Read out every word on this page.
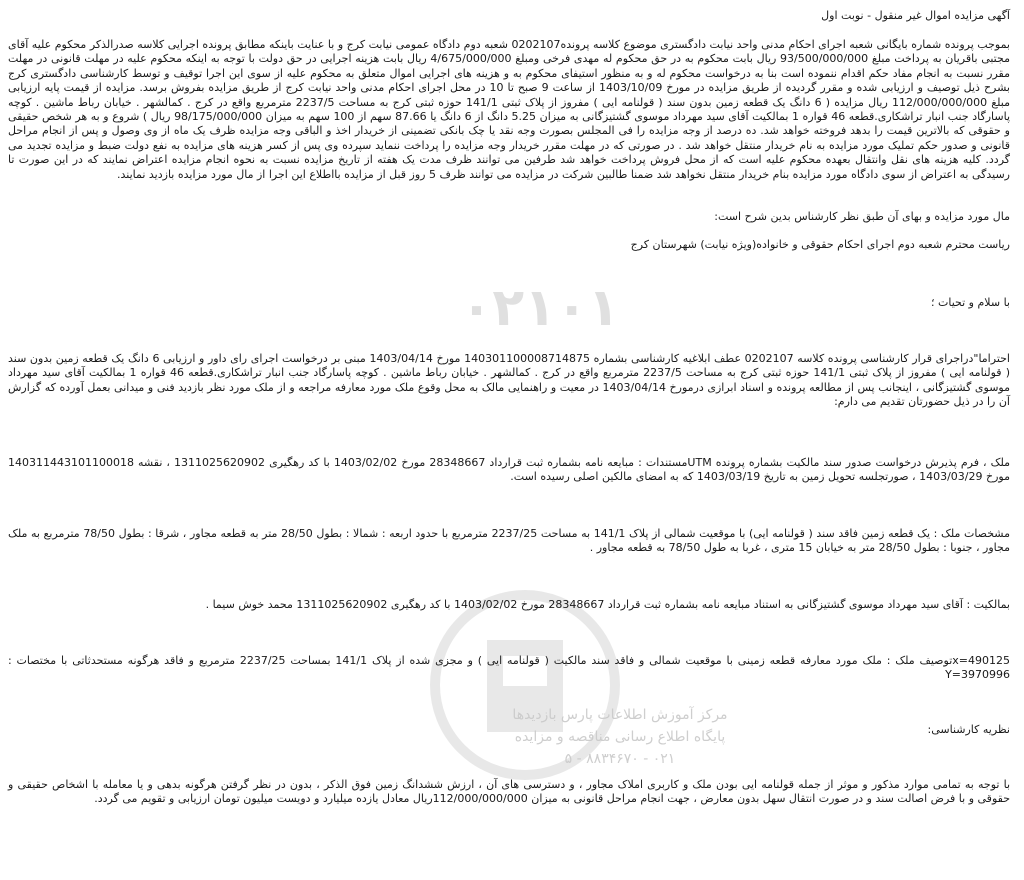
۰۲۱۰۱
مرکز آموزش اطلاعات پارس بازدیدها
پایگاه اطلاع رسانی مناقصه و مزایده
۰۲۱ - ۸۸۳۴۶۷۰ - ۵
آگهی مزایده اموال غیر منقول - نوبت اول
بموجب پرونده شماره بایگانی شعبه اجرای احکام مدنی واحد نیابت دادگستری موضوع کلاسه پرونده0202107 شعبه دوم دادگاه عمومی نیابت کرج و با عنایت باینکه مطابق پرونده اجرایی کلاسه صدرالذکر محکوم علیه آقای مجتبی باقریان به پرداخت مبلغ 93/500/000/000 ریال بابت محکوم به در حق محکوم له مهدی فرخی ومبلغ 4/675/000/000 ریال بابت هزینه اجرایی در حق دولت با توجه به اینکه محکوم علیه در مهلت قانونی در مهلت مقرر نسبت به انجام مفاد حکم اقدام ننموده است بنا به درخواست محکوم له و به منظور استیفای محکوم به و هزینه های اجرایی اموال متعلق به محکوم علیه از سوی این اجرا توقیف و توسط کارشناسی دادگستری کرج بشرح ذیل توصیف و ارزیابی شده و مقرر گردیده از طریق مزایده در مورخ 1403/10/09 از ساعت 9 صبح تا 10 در محل اجرای احکام مدنی واحد نیابت کرج از طریق مزایده بفروش برسد. مزایده از قیمت پایه ارزیابی مبلغ 112/000/000/000 ریال مزایده ( 6 دانگ یک قطعه زمین بدون سند ( قولنامه ایی ) مفروز از پلاک ثبتی 141/1 حوزه ثبتی کرج به مساحت 2237/5 مترمربع واقع در کرج . کمالشهر . خیابان رباط ماشین . کوچه پاسارگاد جنب انبار تراشکاری.قطعه 46 قواره 1 بمالکیت آقای سید مهرداد موسوی گشتیزگانی به میزان 5.25 دانگ از 6 دانگ یا 87.66 سهم از 100 سهم به میزان 98/175/000/000 ریال ) شروع و به هر شخص حقیقی و حقوقی که بالاترین قیمت را بدهد فروخته خواهد شد. ده درصد از وجه مزایده را فی المجلس بصورت وجه نقد یا چک بانکی تضمینی از خریدار اخذ و الباقی وجه مزایده ظرف یک ماه از وی وصول و پس از انجام مراحل قانونی و صدور حکم تملیک مورد مزایده به نام خریدار منتقل خواهد شد . در صورتی که در مهلت مقرر خریدار وجه مزایده را پرداخت ننماید سپرده وی پس از کسر هزینه های مزایده به نفع دولت ضبط و مزایده تجدید می گردد. کلیه هزینه های نقل وانتقال بعهده محکوم علیه است که از محل فروش پرداخت خواهد شد طرفین می توانند ظرف مدت یک هفته از تاریخ مزایده نسبت به نحوه انجام مزایده اعتراض نمایند که در این صورت تا رسیدگی به اعتراض از سوی دادگاه مورد مزایده بنام خریدار منتقل نخواهد شد ضمنا طالبین شرکت در مزایده می توانند ظرف 5 روز قبل از مزایده بااطلاع این اجرا از مال مورد مزایده بازدید نمایند.
مال مورد مزایده و بهای آن طبق نظر کارشناس بدین شرح است:
ریاست محترم شعبه دوم اجرای احکام حقوقی و خانواده(ویژه نیابت) شهرستان کرج
با سلام و تحیات ؛
احتراما"دراجرای قرار کارشناسی پرونده کلاسه 0202107 عطف ابلاغیه کارشناسی بشماره 140301100008714875 مورخ 1403/04/14 مبنی بر درخواست اجرای رای داور و ارزیابی 6 دانگ یک قطعه زمین بدون سند ( قولنامه ایی ) مفروز از پلاک ثبتی 141/1 حوزه ثبتی کرج به مساحت 2237/5 مترمربع واقع در کرج . کمالشهر . خیابان رباط ماشین . کوچه پاسارگاد جنب انبار تراشکاری.قطعه 46 قواره 1 بمالکیت آقای سید مهرداد موسوی گشتیزگانی ، اینجانب پس از مطالعه پرونده و اسناد ابرازی درمورخ 1403/04/14 در معیت و راهنمایی مالک به محل وقوع ملک مورد معارفه مراجعه و از ملک مورد نظر بازدید فنی و میدانی بعمل آورده که گزارش آن را در ذیل حضورتان تقدیم می دارم:
ملک ، فرم پذیرش درخواست صدور سند مالکیت بشماره پرونده UTMمستندات : مبایعه نامه بشماره ثبت قرارداد 28348667 مورخ 1403/02/02 با کد رهگیری 1311025620902 ، نقشه 140311443101100018 مورخ 1403/03/29 ، صورتجلسه تحویل زمین به تاریخ 1403/03/19 که به امضای مالکین اصلی رسیده است.
مشخصات ملک : یک قطعه زمین فاقد سند ( قولنامه ایی) با موقعیت شمالی از پلاک 141/1 به مساحت 2237/25 مترمربع با حدود اربعه : شمالا : بطول 28/50 متر به قطعه مجاور ، شرقا : بطول 78/50 مترمربع به ملک مجاور ، جنوبا : بطول 28/50 متر به خیابان 15 متری ، غربا به طول 78/50 به قطعه مجاور .
بمالکیت : آقای سید مهرداد موسوی گشتیزگانی به استناد مبایعه نامه بشماره ثبت قرارداد 28348667 مورخ 1403/02/02 با کد رهگیری 1311025620902 محمد خوش سیما .
490125=xتوصیف ملک : ملک مورد معارفه قطعه زمینی با موقعیت شمالی و فاقد سند مالکیت ( قولنامه ایی ) و مجزی شده از پلاک 141/1 بمساحت 2237/25 مترمربع و فاقد هرگونه مستحدثاتی با مختصات : Y=3970996
نظریه کارشناسی:
با توجه به تمامی موارد مذکور و موثر از جمله قولنامه ایی بودن ملک و کاربری املاک مجاور ، و دسترسی های آن ، ارزش ششدانگ زمین فوق الذکر ، بدون در نظر گرفتن هرگونه بدهی و یا معامله با اشخاص حقیقی و حقوقی و با فرض اصالت سند و در صورت انتقال سهل بدون معارض ، جهت انجام مراحل قانونی به میزان 112/000/000/000ریال معادل یازده میلیارد و دویست میلیون تومان ارزیابی و تقویم می گردد.
